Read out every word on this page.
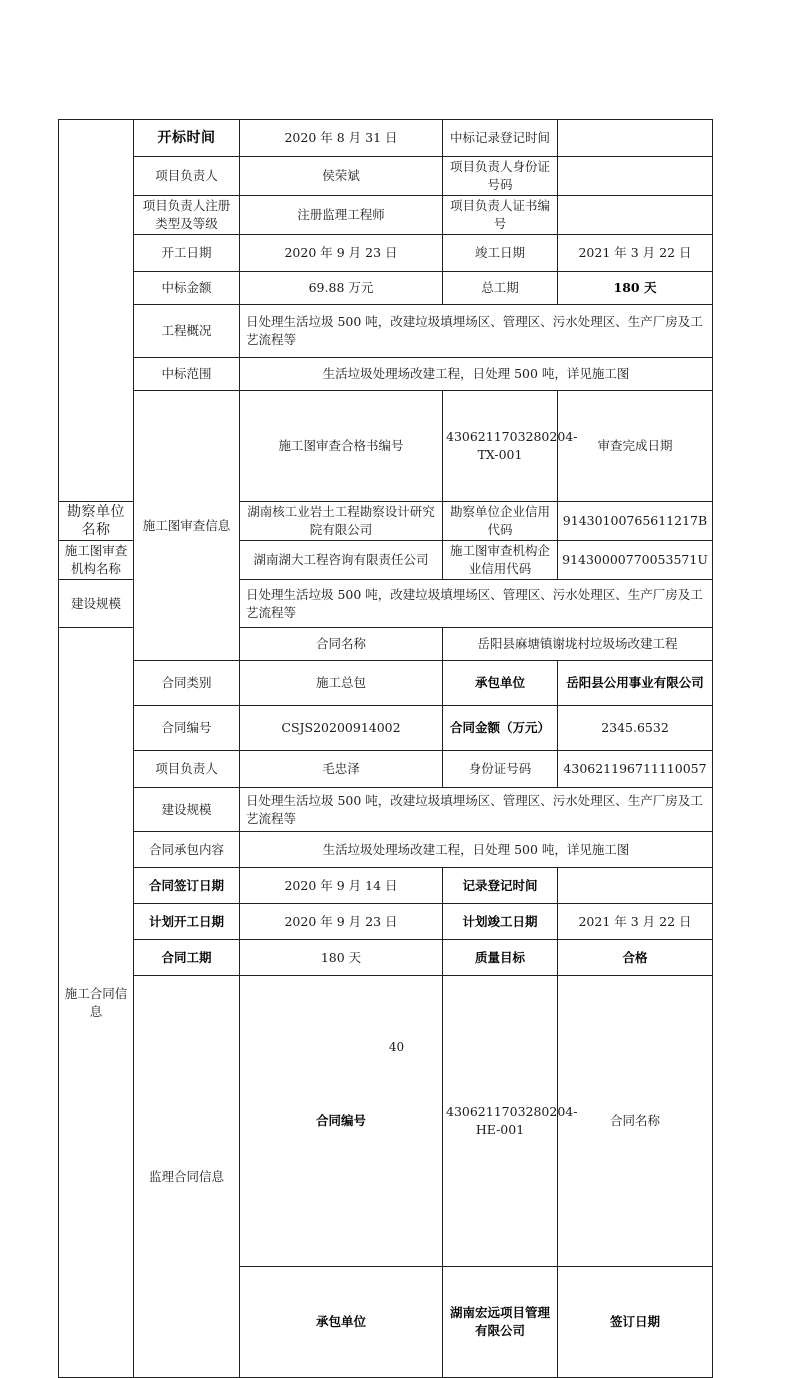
	开标时间	2020 年 8 月 31 日	中标记录登记时间		
	项目负责人	侯荣斌	项目负责人身份证号码		
	项目负责人注册类型及等级	注册监理工程师	项目负责人证书编号		
	开工日期	2020 年 9 月 23 日	竣工日期	2021 年 3 月 22 日	
	中标金额	69.88 万元	总工期	180 天	
	工程概况	日处理生活垃圾 500 吨，改建垃圾填埋场区、管理区、污水处理区、生产厂房及工艺流程等			
	中标范围	生活垃圾处理场改建工程，日处理 500 吨，详见施工图			
	施工图审查信息	施工图审查合格书编号	4306211703280204-TX-001	审查完成日期	
勘察单位名称		湖南核工业岩土工程勘察设计研究院有限公司	勘察单位企业信用代码	91430100765611217B	
施工图审查机构名称		湖南湖大工程咨询有限责任公司	施工图审查机构企业信用代码	91430000770053571U	
建设规模		日处理生活垃圾 500 吨，改建垃圾填埋场区、管理区、污水处理区、生产厂房及工艺流程等			
施工合同信息		合同名称	岳阳县麻塘镇谢垅村垃圾场改建工程		
	合同类别	施工总包	承包单位	岳阳县公用事业有限公司	
	合同编号	CSJS20200914002	合同金额（万元）	2345.6532	
	项目负责人	毛忠泽	身份证号码	430621196711110057	
	建设规模	日处理生活垃圾 500 吨，改建垃圾填埋场区、管理区、污水处理区、生产厂房及工艺流程等			
	合同承包内容	生活垃圾处理场改建工程，日处理 500 吨，详见施工图			
	合同签订日期	2020 年 9 月 14 日	记录登记时间		
	计划开工日期	2020 年 9 月 23 日	计划竣工日期	2021 年 3 月 22 日	
	合同工期	180 天	质量目标	合格	
	监理合同信息	合同编号	4306211703280204-HE-001	合同名称	
		承包单位	湖南宏远项目管理有限公司	签订日期	
40
